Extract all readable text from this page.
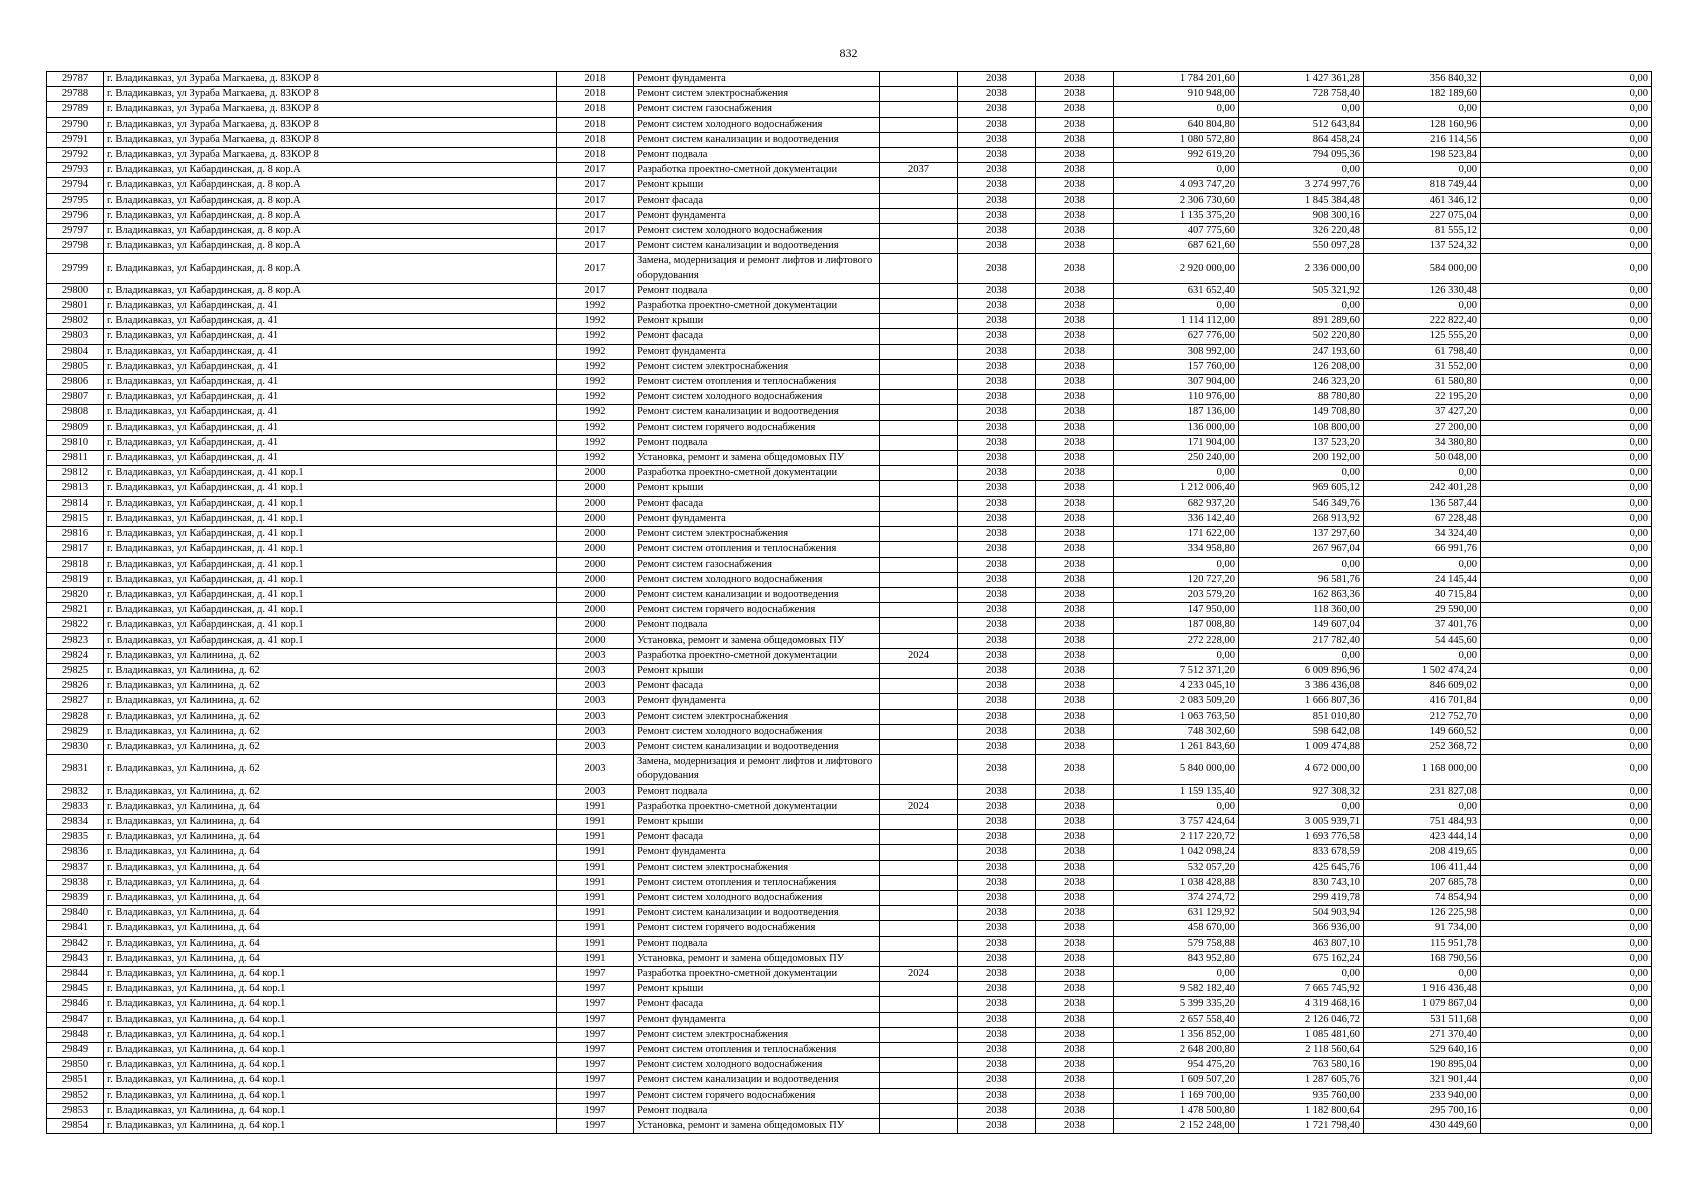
832
29787	г. Владикавказ, ул Зураба Магкаева, д. 83КОР 8	2018	Ремонт фундамента		2038	2038	1 784 201,60	1 427 361,28	356 840,32	0,00
29788	г. Владикавказ, ул Зураба Магкаева, д. 83КОР 8	2018	Ремонт систем электроснабжения		2038	2038	910 948,00	728 758,40	182 189,60	0,00
29789	г. Владикавказ, ул Зураба Магкаева, д. 83КОР 8	2018	Ремонт систем газоснабжения		2038	2038	0,00	0,00	0,00	0,00
29790	г. Владикавказ, ул Зураба Магкаева, д. 83КОР 8	2018	Ремонт систем холодного водоснабжения		2038	2038	640 804,80	512 643,84	128 160,96	0,00
29791	г. Владикавказ, ул Зураба Магкаева, д. 83КОР 8	2018	Ремонт систем канализации и водоотведения		2038	2038	1 080 572,80	864 458,24	216 114,56	0,00
29792	г. Владикавказ, ул Зураба Магкаева, д. 83КОР 8	2018	Ремонт подвала		2038	2038	992 619,20	794 095,36	198 523,84	0,00
29793	г. Владикавказ, ул Кабардинская, д. 8 кор.А	2017	Разработка проектно-сметной документации	2037	2038	2038	0,00	0,00	0,00	0,00
29794	г. Владикавказ, ул Кабардинская, д. 8 кор.А	2017	Ремонт крыши		2038	2038	4 093 747,20	3 274 997,76	818 749,44	0,00
29795	г. Владикавказ, ул Кабардинская, д. 8 кор.А	2017	Ремонт фасада		2038	2038	2 306 730,60	1 845 384,48	461 346,12	0,00
29796	г. Владикавказ, ул Кабардинская, д. 8 кор.А	2017	Ремонт фундамента		2038	2038	1 135 375,20	908 300,16	227 075,04	0,00
29797	г. Владикавказ, ул Кабардинская, д. 8 кор.А	2017	Ремонт систем холодного водоснабжения		2038	2038	407 775,60	326 220,48	81 555,12	0,00
29798	г. Владикавказ, ул Кабардинская, д. 8 кор.А	2017	Ремонт систем канализации и водоотведения		2038	2038	687 621,60	550 097,28	137 524,32	0,00
29799	г. Владикавказ, ул Кабардинская, д. 8 кор.А	2017	Замена, модернизация и ремонт лифтов и лифтового оборудования		2038	2038	2 920 000,00	2 336 000,00	584 000,00	0,00
29800	г. Владикавказ, ул Кабардинская, д. 8 кор.А	2017	Ремонт подвала		2038	2038	631 652,40	505 321,92	126 330,48	0,00
29801	г. Владикавказ, ул Кабардинская, д. 41	1992	Разработка проектно-сметной документации		2038	2038	0,00	0,00	0,00	0,00
29802	г. Владикавказ, ул Кабардинская, д. 41	1992	Ремонт крыши		2038	2038	1 114 112,00	891 289,60	222 822,40	0,00
29803	г. Владикавказ, ул Кабардинская, д. 41	1992	Ремонт фасада		2038	2038	627 776,00	502 220,80	125 555,20	0,00
29804	г. Владикавказ, ул Кабардинская, д. 41	1992	Ремонт фундамента		2038	2038	308 992,00	247 193,60	61 798,40	0,00
29805	г. Владикавказ, ул Кабардинская, д. 41	1992	Ремонт систем электроснабжения		2038	2038	157 760,00	126 208,00	31 552,00	0,00
29806	г. Владикавказ, ул Кабардинская, д. 41	1992	Ремонт систем отопления и теплоснабжения		2038	2038	307 904,00	246 323,20	61 580,80	0,00
29807	г. Владикавказ, ул Кабардинская, д. 41	1992	Ремонт систем холодного водоснабжения		2038	2038	110 976,00	88 780,80	22 195,20	0,00
29808	г. Владикавказ, ул Кабардинская, д. 41	1992	Ремонт систем канализации и водоотведения		2038	2038	187 136,00	149 708,80	37 427,20	0,00
29809	г. Владикавказ, ул Кабардинская, д. 41	1992	Ремонт систем горячего водоснабжения		2038	2038	136 000,00	108 800,00	27 200,00	0,00
29810	г. Владикавказ, ул Кабардинская, д. 41	1992	Ремонт подвала		2038	2038	171 904,00	137 523,20	34 380,80	0,00
29811	г. Владикавказ, ул Кабардинская, д. 41	1992	Установка, ремонт и замена общедомовых ПУ		2038	2038	250 240,00	200 192,00	50 048,00	0,00
29812	г. Владикавказ, ул Кабардинская, д. 41 кор.1	2000	Разработка проектно-сметной документации		2038	2038	0,00	0,00	0,00	0,00
29813	г. Владикавказ, ул Кабардинская, д. 41 кор.1	2000	Ремонт крыши		2038	2038	1 212 006,40	969 605,12	242 401,28	0,00
29814	г. Владикавказ, ул Кабардинская, д. 41 кор.1	2000	Ремонт фасада		2038	2038	682 937,20	546 349,76	136 587,44	0,00
29815	г. Владикавказ, ул Кабардинская, д. 41 кор.1	2000	Ремонт фундамента		2038	2038	336 142,40	268 913,92	67 228,48	0,00
29816	г. Владикавказ, ул Кабардинская, д. 41 кор.1	2000	Ремонт систем электроснабжения		2038	2038	171 622,00	137 297,60	34 324,40	0,00
29817	г. Владикавказ, ул Кабардинская, д. 41 кор.1	2000	Ремонт систем отопления и теплоснабжения		2038	2038	334 958,80	267 967,04	66 991,76	0,00
29818	г. Владикавказ, ул Кабардинская, д. 41 кор.1	2000	Ремонт систем газоснабжения		2038	2038	0,00	0,00	0,00	0,00
29819	г. Владикавказ, ул Кабардинская, д. 41 кор.1	2000	Ремонт систем холодного водоснабжения		2038	2038	120 727,20	96 581,76	24 145,44	0,00
29820	г. Владикавказ, ул Кабардинская, д. 41 кор.1	2000	Ремонт систем канализации и водоотведения		2038	2038	203 579,20	162 863,36	40 715,84	0,00
29821	г. Владикавказ, ул Кабардинская, д. 41 кор.1	2000	Ремонт систем горячего водоснабжения		2038	2038	147 950,00	118 360,00	29 590,00	0,00
29822	г. Владикавказ, ул Кабардинская, д. 41 кор.1	2000	Ремонт подвала		2038	2038	187 008,80	149 607,04	37 401,76	0,00
29823	г. Владикавказ, ул Кабардинская, д. 41 кор.1	2000	Установка, ремонт и замена общедомовых ПУ		2038	2038	272 228,00	217 782,40	54 445,60	0,00
29824	г. Владикавказ, ул Калинина, д. 62	2003	Разработка проектно-сметной документации	2024	2038	2038	0,00	0,00	0,00	0,00
29825	г. Владикавказ, ул Калинина, д. 62	2003	Ремонт крыши		2038	2038	7 512 371,20	6 009 896,96	1 502 474,24	0,00
29826	г. Владикавказ, ул Калинина, д. 62	2003	Ремонт фасада		2038	2038	4 233 045,10	3 386 436,08	846 609,02	0,00
29827	г. Владикавказ, ул Калинина, д. 62	2003	Ремонт фундамента		2038	2038	2 083 509,20	1 666 807,36	416 701,84	0,00
29828	г. Владикавказ, ул Калинина, д. 62	2003	Ремонт систем электроснабжения		2038	2038	1 063 763,50	851 010,80	212 752,70	0,00
29829	г. Владикавказ, ул Калинина, д. 62	2003	Ремонт систем холодного водоснабжения		2038	2038	748 302,60	598 642,08	149 660,52	0,00
29830	г. Владикавказ, ул Калинина, д. 62	2003	Ремонт систем канализации и водоотведения		2038	2038	1 261 843,60	1 009 474,88	252 368,72	0,00
29831	г. Владикавказ, ул Калинина, д. 62	2003	Замена, модернизация и ремонт лифтов и лифтового оборудования		2038	2038	5 840 000,00	4 672 000,00	1 168 000,00	0,00
29832	г. Владикавказ, ул Калинина, д. 62	2003	Ремонт подвала		2038	2038	1 159 135,40	927 308,32	231 827,08	0,00
29833	г. Владикавказ, ул Калинина, д. 64	1991	Разработка проектно-сметной документации	2024	2038	2038	0,00	0,00	0,00	0,00
29834	г. Владикавказ, ул Калинина, д. 64	1991	Ремонт крыши		2038	2038	3 757 424,64	3 005 939,71	751 484,93	0,00
29835	г. Владикавказ, ул Калинина, д. 64	1991	Ремонт фасада		2038	2038	2 117 220,72	1 693 776,58	423 444,14	0,00
29836	г. Владикавказ, ул Калинина, д. 64	1991	Ремонт фундамента		2038	2038	1 042 098,24	833 678,59	208 419,65	0,00
29837	г. Владикавказ, ул Калинина, д. 64	1991	Ремонт систем электроснабжения		2038	2038	532 057,20	425 645,76	106 411,44	0,00
29838	г. Владикавказ, ул Калинина, д. 64	1991	Ремонт систем отопления и теплоснабжения		2038	2038	1 038 428,88	830 743,10	207 685,78	0,00
29839	г. Владикавказ, ул Калинина, д. 64	1991	Ремонт систем холодного водоснабжения		2038	2038	374 274,72	299 419,78	74 854,94	0,00
29840	г. Владикавказ, ул Калинина, д. 64	1991	Ремонт систем канализации и водоотведения		2038	2038	631 129,92	504 903,94	126 225,98	0,00
29841	г. Владикавказ, ул Калинина, д. 64	1991	Ремонт систем горячего водоснабжения		2038	2038	458 670,00	366 936,00	91 734,00	0,00
29842	г. Владикавказ, ул Калинина, д. 64	1991	Ремонт подвала		2038	2038	579 758,88	463 807,10	115 951,78	0,00
29843	г. Владикавказ, ул Калинина, д. 64	1991	Установка, ремонт и замена общедомовых ПУ		2038	2038	843 952,80	675 162,24	168 790,56	0,00
29844	г. Владикавказ, ул Калинина, д. 64 кор.1	1997	Разработка проектно-сметной документации	2024	2038	2038	0,00	0,00	0,00	0,00
29845	г. Владикавказ, ул Калинина, д. 64 кор.1	1997	Ремонт крыши		2038	2038	9 582 182,40	7 665 745,92	1 916 436,48	0,00
29846	г. Владикавказ, ул Калинина, д. 64 кор.1	1997	Ремонт фасада		2038	2038	5 399 335,20	4 319 468,16	1 079 867,04	0,00
29847	г. Владикавказ, ул Калинина, д. 64 кор.1	1997	Ремонт фундамента		2038	2038	2 657 558,40	2 126 046,72	531 511,68	0,00
29848	г. Владикавказ, ул Калинина, д. 64 кор.1	1997	Ремонт систем электроснабжения		2038	2038	1 356 852,00	1 085 481,60	271 370,40	0,00
29849	г. Владикавказ, ул Калинина, д. 64 кор.1	1997	Ремонт систем отопления и теплоснабжения		2038	2038	2 648 200,80	2 118 560,64	529 640,16	0,00
29850	г. Владикавказ, ул Калинина, д. 64 кор.1	1997	Ремонт систем холодного водоснабжения		2038	2038	954 475,20	763 580,16	190 895,04	0,00
29851	г. Владикавказ, ул Калинина, д. 64 кор.1	1997	Ремонт систем канализации и водоотведения		2038	2038	1 609 507,20	1 287 605,76	321 901,44	0,00
29852	г. Владикавказ, ул Калинина, д. 64 кор.1	1997	Ремонт систем горячего водоснабжения		2038	2038	1 169 700,00	935 760,00	233 940,00	0,00
29853	г. Владикавказ, ул Калинина, д. 64 кор.1	1997	Ремонт подвала		2038	2038	1 478 500,80	1 182 800,64	295 700,16	0,00
29854	г. Владикавказ, ул Калинина, д. 64 кор.1	1997	Установка, ремонт и замена общедомовых ПУ		2038	2038	2 152 248,00	1 721 798,40	430 449,60	0,00
